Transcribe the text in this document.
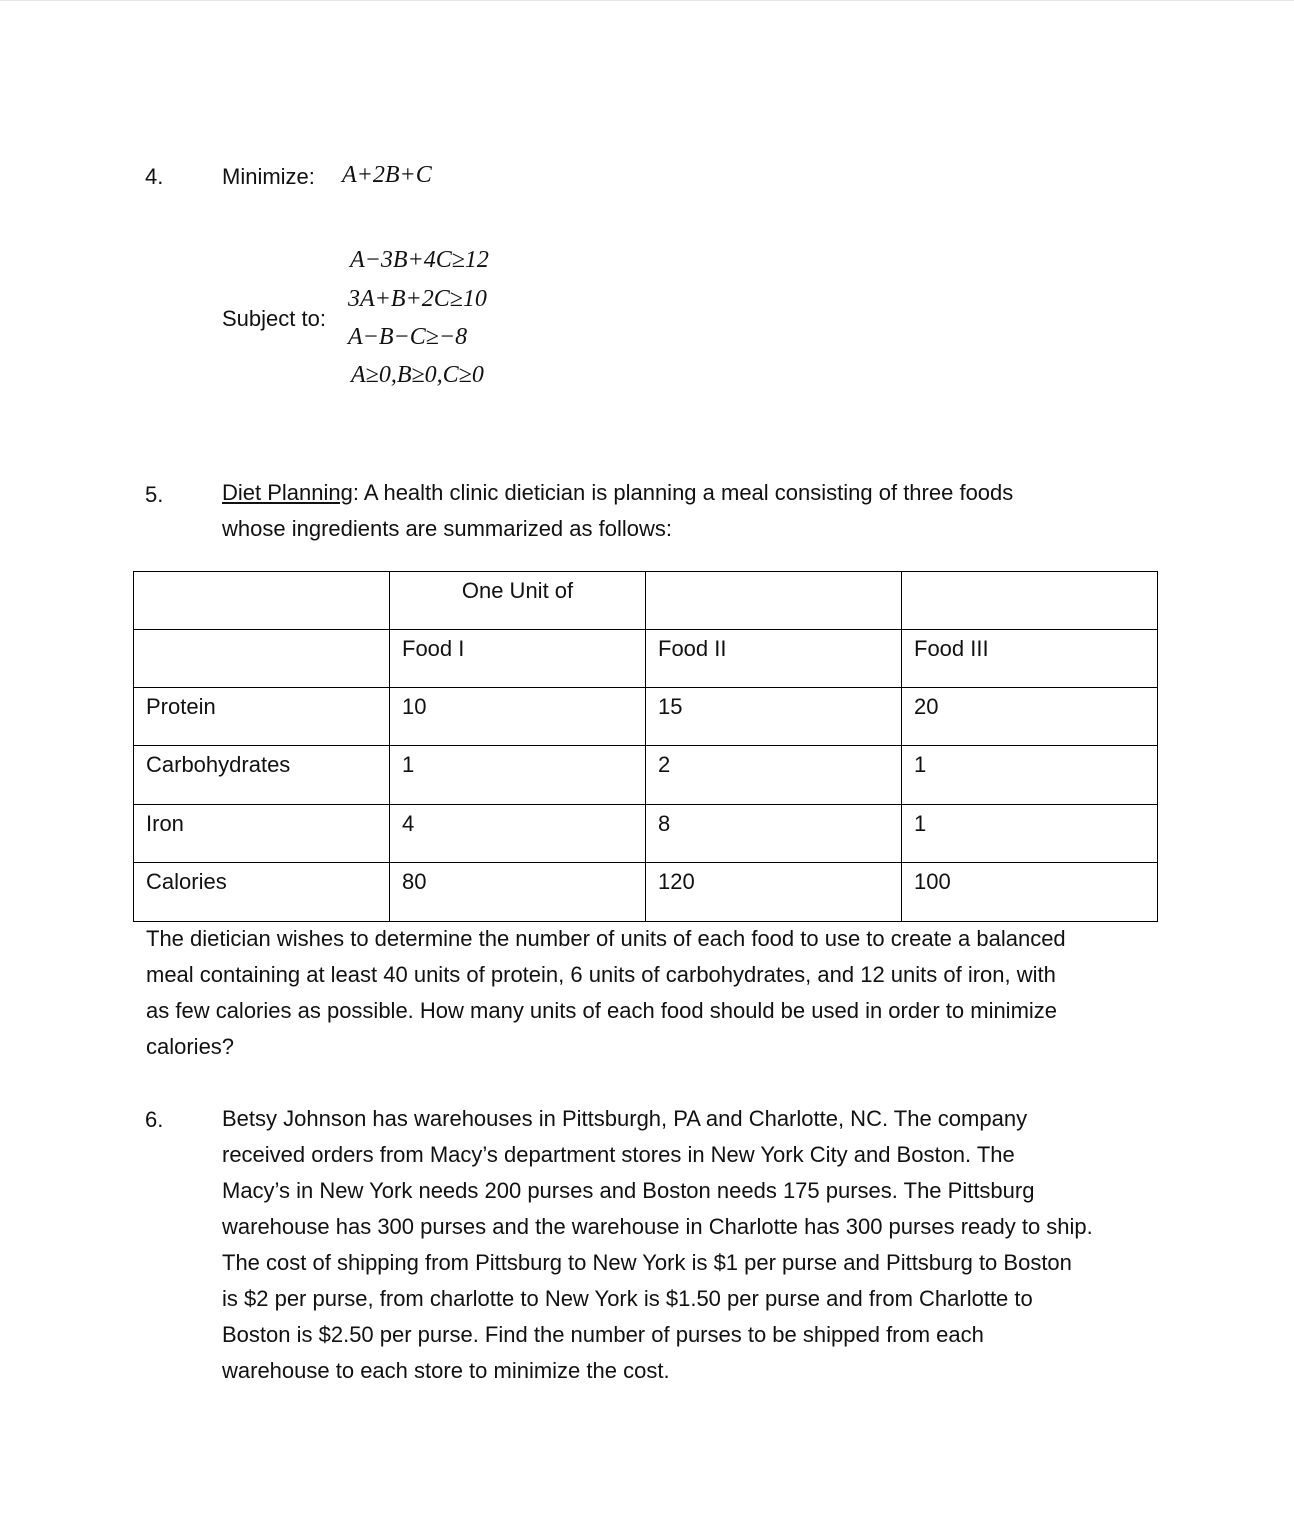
4.	Minimize: A+2B+C
Subject to:
A−3B+4C≥12
3A+B+2C≥10
A−B−C≥−8
A≥0,B≥0,C≥0
5.	Diet Planning: A health clinic dietician is planning a meal consisting of three foods
whose ingredients are summarized as follows:
	One Unit of		
	Food I	Food II	Food III
Protein	10	15	20
Carbohydrates	1	2	1
Iron	4	8	1
Calories	80	120	100
The dietician wishes to determine the number of units of each food to use to create a balanced
meal containing at least 40 units of protein, 6 units of carbohydrates, and 12 units of iron, with
as few calories as possible. How many units of each food should be used in order to minimize
calories?
6.	Betsy Johnson has warehouses in Pittsburgh, PA and Charlotte, NC. The company
received orders from Macy’s department stores in New York City and Boston. The
Macy’s in New York needs 200 purses and Boston needs 175 purses. The Pittsburg
warehouse has 300 purses and the warehouse in Charlotte has 300 purses ready to ship.
The cost of shipping from Pittsburg to New York is $1 per purse and Pittsburg to Boston
is $2 per purse, from charlotte to New York is $1.50 per purse and from Charlotte to
Boston is $2.50 per purse. Find the number of purses to be shipped from each
warehouse to each store to minimize the cost.
